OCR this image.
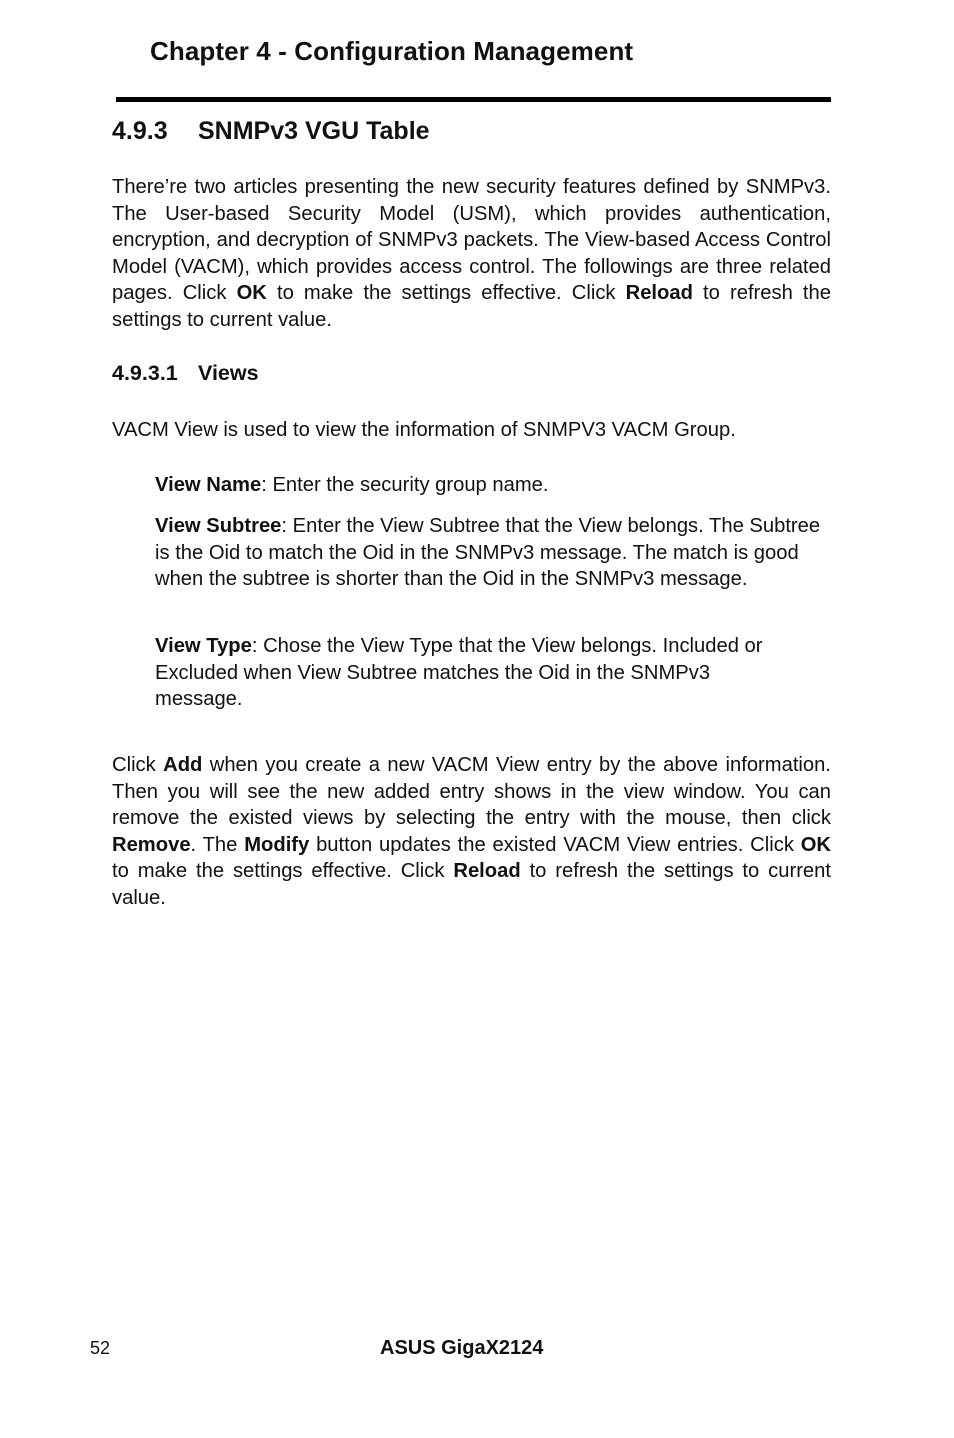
Chapter 4 - Configuration Management
4.9.3 SNMPv3 VGU Table
There’re two articles presenting the new security features defined by SNMPv3. The User-based Security Model (USM), which provides authentication, encryption, and decryption of SNMPv3 packets. The View-based Access Control Model (VACM), which provides access control. The followings are three related pages. Click OK to make the settings effective. Click Reload to refresh the settings to current value.
4.9.3.1 Views
VACM View is used to view the information of SNMPV3 VACM Group.
View Name: Enter the security group name.
View Subtree: Enter the View Subtree that the View belongs. The Subtree is the Oid to match the Oid in the SNMPv3 message. The match is good when the subtree is shorter than the Oid in the SNMPv3 message.
View Type: Chose the View Type that the View belongs. Included or Excluded when View Subtree matches the Oid in the SNMPv3 message.
Click Add when you create a new VACM View entry by the above information. Then you will see the new added entry shows in the view window. You can remove the existed views by selecting the entry with the mouse, then click Remove. The Modify button updates the existed VACM View entries. Click OK to make the settings effective. Click Reload to refresh the settings to current value.
52	ASUS GigaX2124
